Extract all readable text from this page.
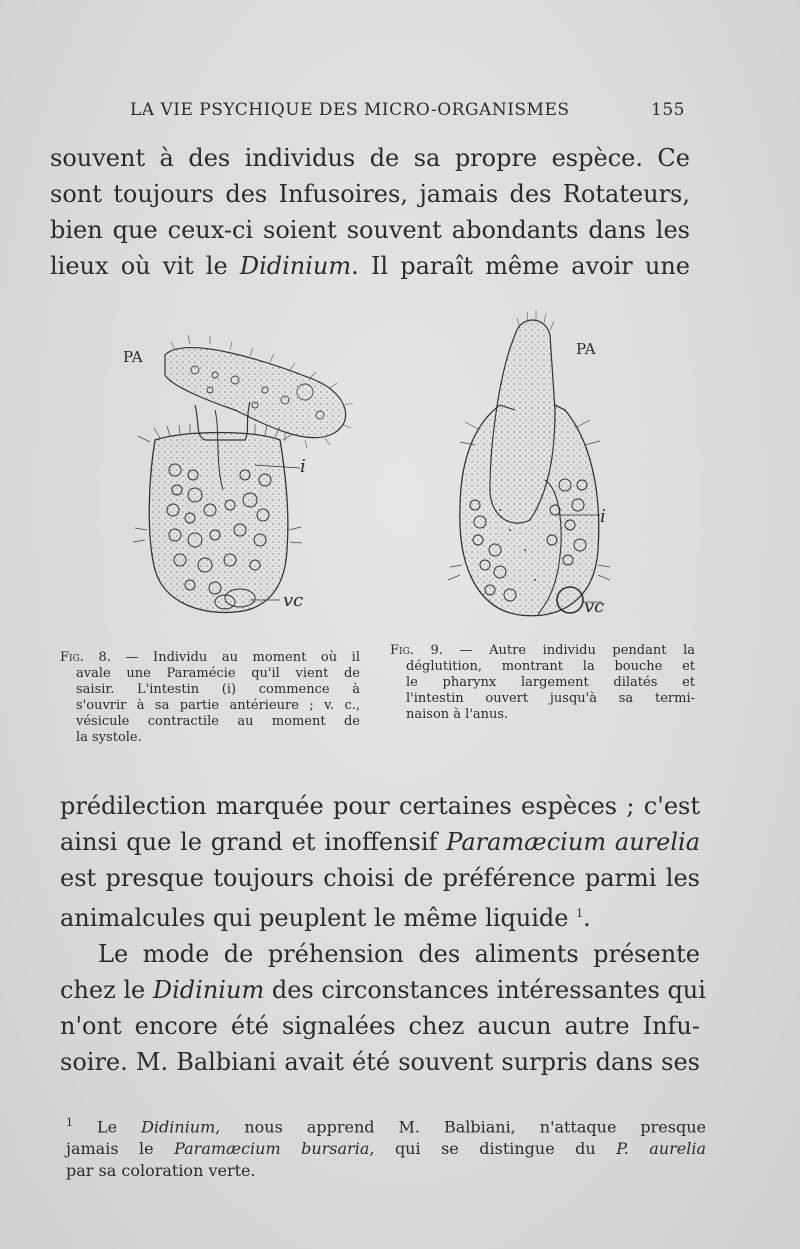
LA VIE PSYCHIQUE DES MICRO-ORGANISMES	155
souvent à des individus de sa propre espèce. Ce
sont toujours des Infusoires, jamais des Rotateurs,
bien que ceux-ci soient souvent abondants dans les
lieux où vit le Didinium. Il paraît même avoir une
PA
i
vc
PA
i
vc
Fig. 8. — Individu au moment où il
avale une Paramécie qu'il vient de
saisir. L'intestin (i) commence à
s'ouvrir à sa partie antérieure ; v. c.,
vésicule contractile au moment de
la systole.
Fig. 9. — Autre individu pendant la
déglutition, montrant la bouche et
le pharynx largement dilatés et
l'intestin ouvert jusqu'à sa termi-
naison à l'anus.
prédilection marquée pour certaines espèces ; c'est
ainsi que le grand et inoffensif Paramæcium aurelia
est presque toujours choisi de préférence parmi les
animalcules qui peuplent le même liquide $^1$.
Le mode de préhension des aliments présente
chez le Didinium des circonstances intéressantes qui
n'ont encore été signalées chez aucun autre Infu-
soire. M. Balbiani avait été souvent surpris dans ses
$^1$ Le Didinium, nous apprend M. Balbiani, n'attaque presque
jamais le Paramæcium bursaria, qui se distingue du P. aurelia
par sa coloration verte.
